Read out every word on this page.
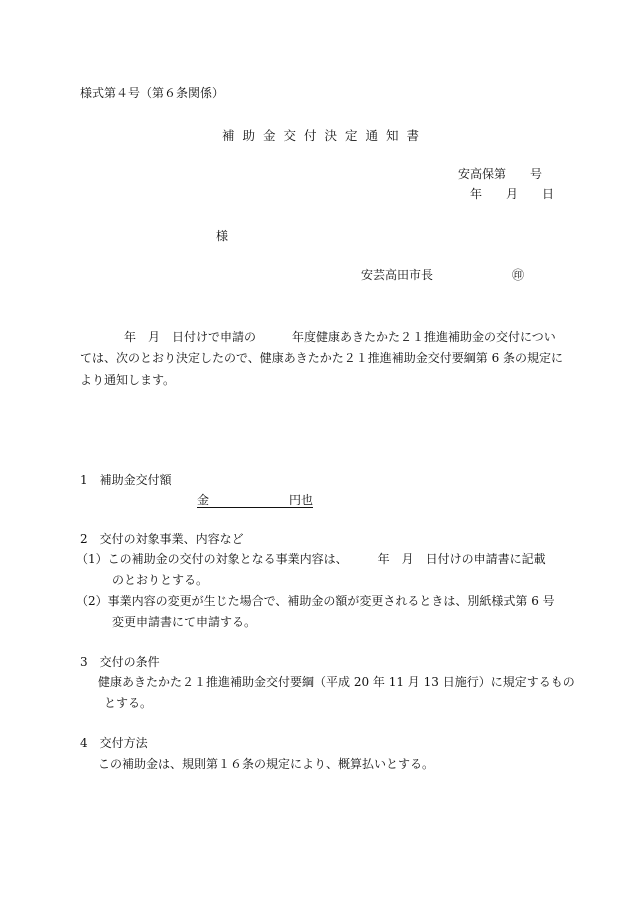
様式第４号（第６条関係）
補助金交付決定通知書
安高保第　　号
年　　月　　日
様
安芸高田市長	㊞
年　月　日付けで申請の　　　年度健康あきたかた２１推進補助金の交付につい
ては、次のとおり決定したので、健康あきたかた２１推進補助金交付要綱第 6 条の規定に
より通知します。
1　補助金交付額
金	円也
2　交付の対象事業、内容など
（1）この補助金の交付の対象となる事業内容は、　　　年　月　日付けの申請書に記載
のとおりとする。
（2）事業内容の変更が生じた場合で、補助金の額が変更されるときは、別紙様式第 6 号
変更申請書にて申請する。
3　交付の条件
健康あきたかた２１推進補助金交付要綱（平成 20 年 11 月 13 日施行）に規定するもの
とする。
4　交付方法
この補助金は、規則第１６条の規定により、概算払いとする。
